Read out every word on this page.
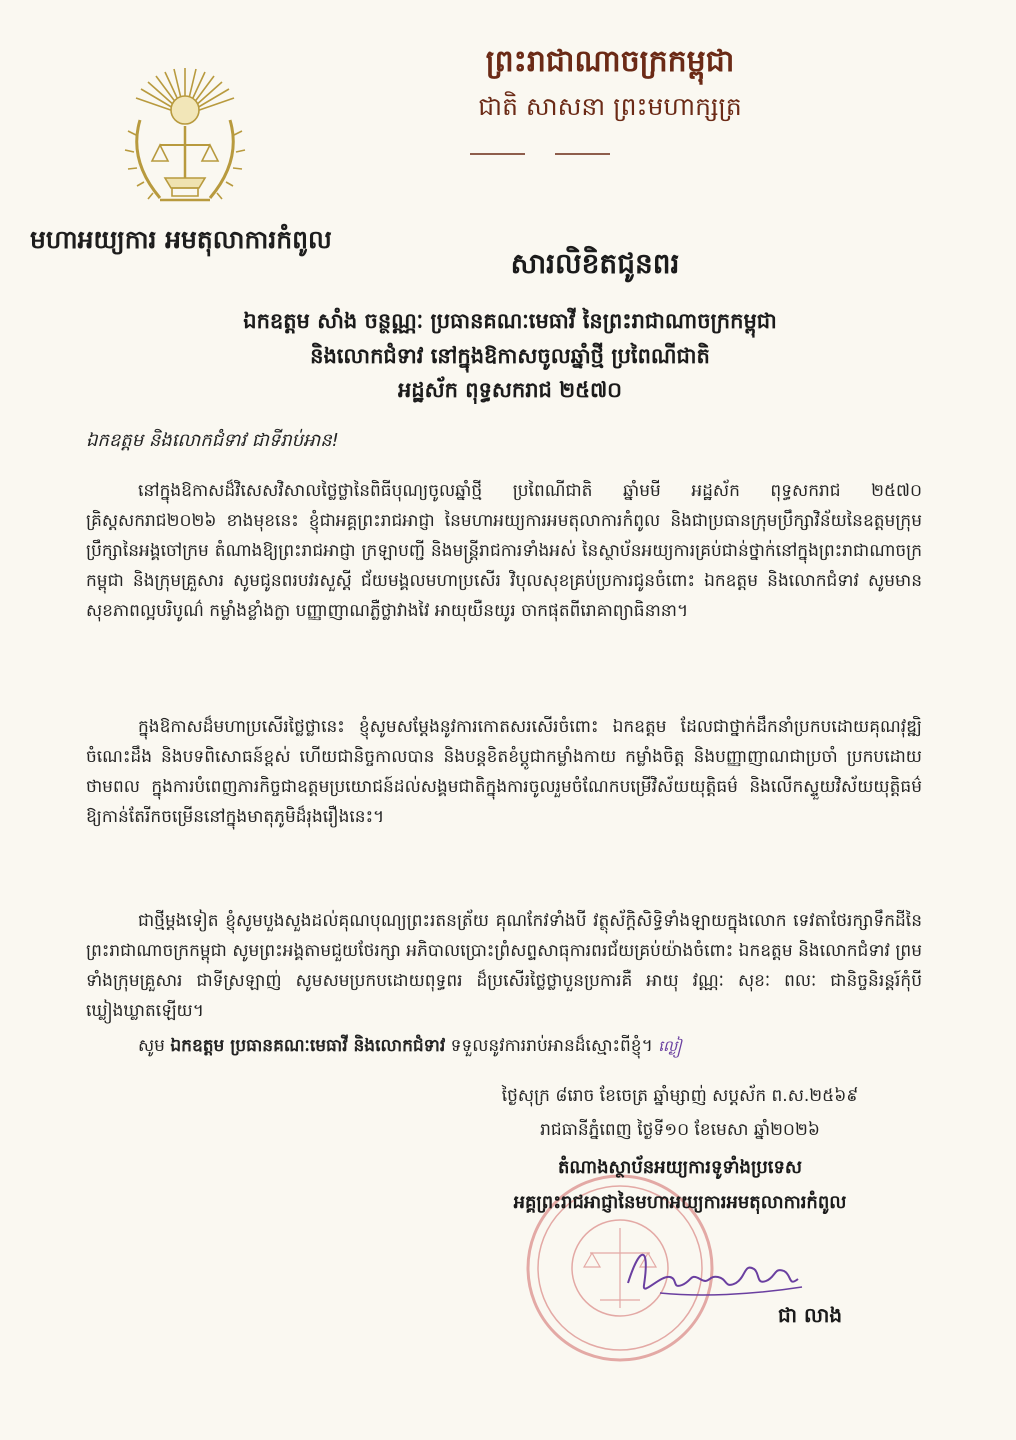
មហាអយ្យការ អមតុលាការកំពូល
ព្រះរាជាណាចក្រកម្ពុជា
ជាតិ សាសនា ព្រះមហាក្សត្រ
សារលិខិតជូនពរ
ឯកឧត្តម សាំង ចន្ថណ្ណៈ ប្រធានគណៈមេធាវី នៃព្រះរាជាណាចក្រកម្ពុជា
និងលោកជំទាវ នៅក្នុងឱកាសចូលឆ្នាំថ្មី ប្រពៃណីជាតិ
អដ្ឋស័ក ពុទ្ធសករាជ ២៥៧០
ឯកឧត្តម និងលោកជំទាវ ជាទីរាប់អាន!

នៅក្នុងឱកាសដ៏វិសេសវិសាលថ្លៃថ្លានៃពិធីបុណ្យចូលឆ្នាំថ្មី ប្រពៃណីជាតិ ឆ្នាំមមី អដ្ឋស័ក ពុទ្ធសករាជ ២៥៧០ គ្រិស្តសករាជ២០២៦ ខាងមុខនេះ ខ្ញុំជាអគ្គព្រះរាជអាជ្ញា នៃមហាអយ្យការអមតុលាការកំពូល និងជាប្រធានក្រុមប្រឹក្សាវិន័យនៃឧត្តមក្រុមប្រឹក្សានៃអង្គចៅក្រម តំណាងឱ្យព្រះរាជអាជ្ញា ក្រឡាបញ្ជី និងមន្ត្រីរាជការទាំងអស់ នៃស្ថាប័នអយ្យការគ្រប់ជាន់ថ្នាក់នៅក្នុងព្រះរាជាណាចក្រកម្ពុជា និងក្រុមគ្រួសារ សូមជូនពរបវរសួស្តី ជ័យមង្គលមហាប្រសើរ វិបុលសុខគ្រប់ប្រការជូនចំពោះ ឯកឧត្តម និងលោកជំទាវ សូមមានសុខភាពល្អបរិបូណ៌ កម្លាំងខ្លាំងក្លា បញ្ញាញាណភ្លឺថ្លាវាងវៃ អាយុយឺនយូរ ចាកផុតពីរោគាព្យាធិនានា។

ក្នុងឱកាសដ៏មហាប្រសើរថ្លៃថ្លានេះ ខ្ញុំសូមសម្តែងនូវការកោតសរសើរចំពោះ ឯកឧត្តម ដែលជាថ្នាក់ដឹកនាំប្រកបដោយគុណវុឌ្ឍិ ចំណេះដឹង និងបទពិសោធន៍ខ្ពស់ ហើយជានិច្ចកាលបាន និងបន្តខិតខំប្តូជាកម្លាំងកាយ កម្លាំងចិត្ត និងបញ្ញាញាណជាប្រចាំ ប្រកបដោយថាមពល ក្នុងការបំពេញភារកិច្ចជាឧត្តមប្រយោជន៍ដល់សង្គមជាតិក្នុងការចូលរួមចំណែកបម្រើវិស័យយុត្តិធម៌ និងលើកស្ទួយវិស័យយុត្តិធម៌ ឱ្យកាន់តែរីកចម្រើននៅក្នុងមាតុភូមិដ៏រុងរឿងនេះ។

ជាថ្មីម្តងទៀត ខ្ញុំសូមបួងសួងដល់គុណបុណ្យព្រះរតនត្រ័យ គុណកែវទាំងបី វត្ថុស័ក្តិសិទ្ធិទាំងឡាយក្នុងលោក ទេវតាថែរក្សាទឹកដីនៃព្រះរាជាណាចក្រកម្ពុជា សូមព្រះអង្គតាមជួយថែរក្សា អភិបាលប្រោះព្រំសព្ទសាធុការពរជ័យគ្រប់យ៉ាងចំពោះ ឯកឧត្តម និងលោកជំទាវ ព្រមទាំងក្រុមគ្រួសារ ជាទីស្រឡាញ់ សូមសមប្រកបដោយពុទ្ធពរ ដ៏ប្រសើរថ្លៃថ្លាបួនប្រការគឺ អាយុ វណ្ណៈ សុខៈ ពលៈ ជានិច្ចនិរន្តរ៍កុំបីឃ្លៀងឃ្លាតឡើយ។

សូម ឯកឧត្តម ប្រធានគណៈមេធាវី និងលោកជំទាវ ទទួលនូវការរាប់អានដ៏ស្មោះពីខ្ញុំ។ ល្ងៀ
ថ្ងៃសុក្រ ៨រោច ខែចេត្រ ឆ្នាំម្សាញ់ សប្តស័ក ព.ស.២៥៦៩
រាជធានីភ្នំពេញ ថ្ងៃទី១០ ខែមេសា ឆ្នាំ២០២៦
តំណាងស្ថាប័នអយ្យការទូទាំងប្រទេស
អគ្គព្រះរាជអាជ្ញានៃមហាអយ្យការអមតុលាការកំពូល
ជា លាង
